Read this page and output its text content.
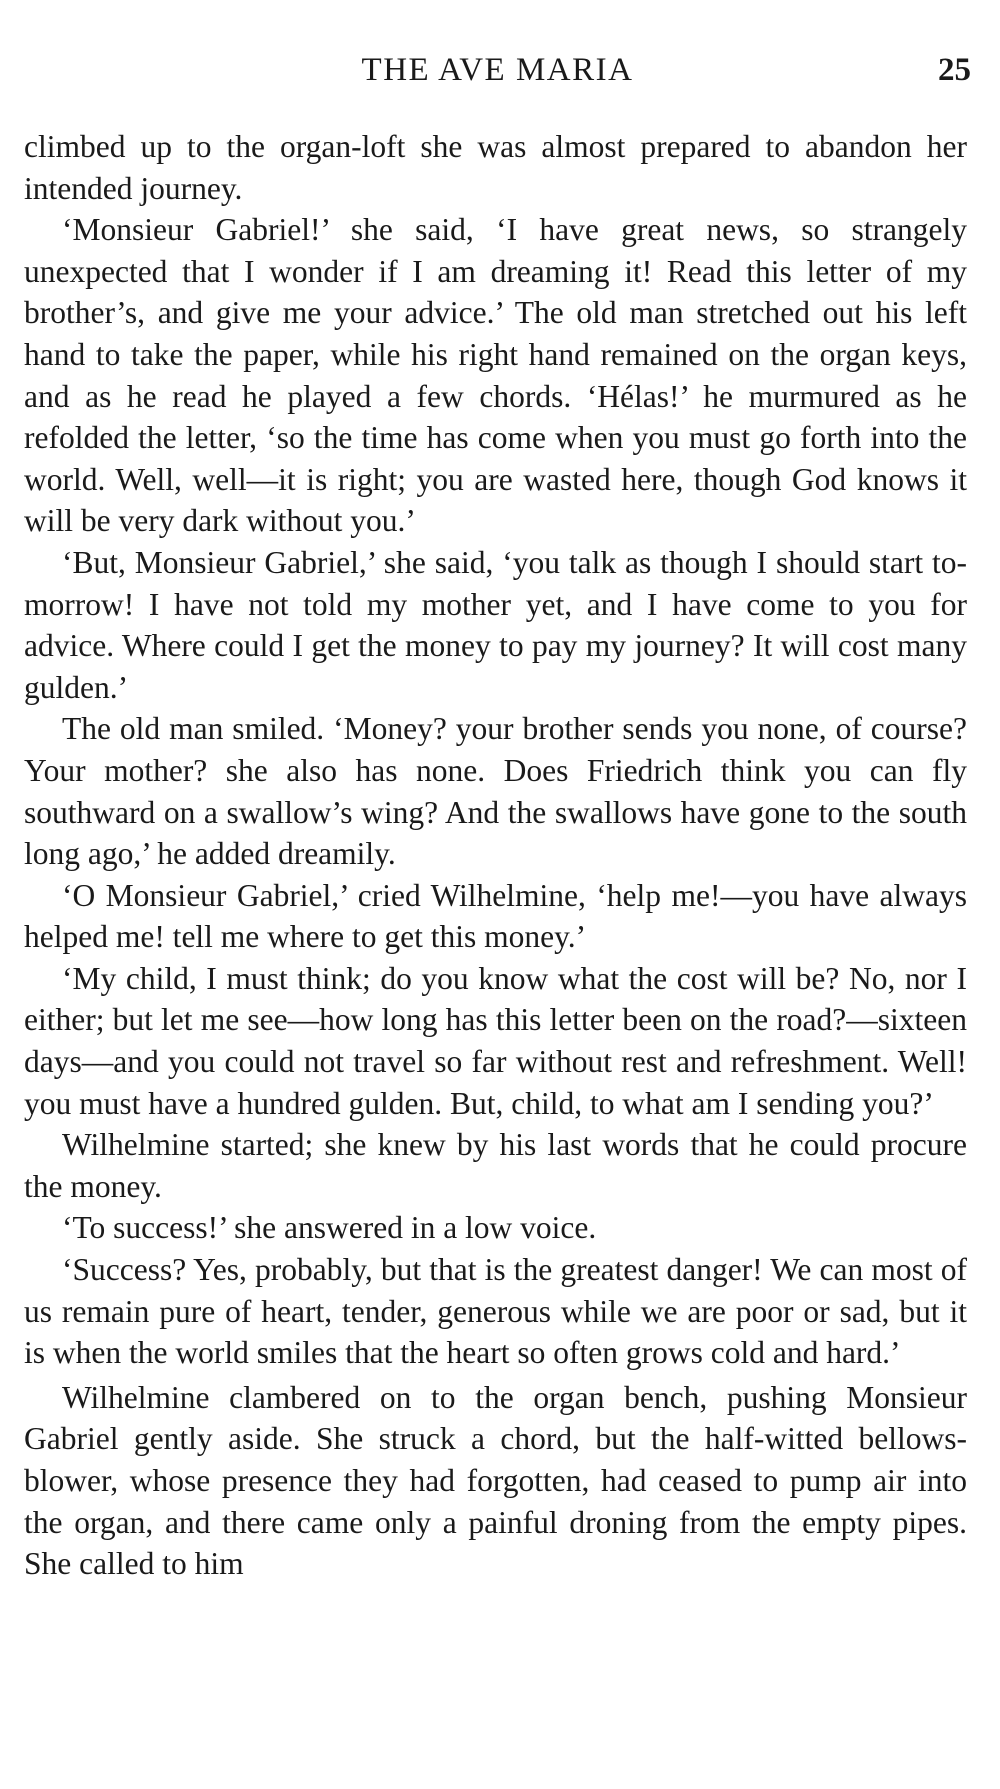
THE AVE MARIA	25

climbed up to the organ-loft she was almost prepared to abandon her intended journey.

‘Monsieur Gabriel!’ she said, ‘I have great news, so strangely unexpected that I wonder if I am dreaming it! Read this letter of my brother’s, and give me your advice.’ The old man stretched out his left hand to take the paper, while his right hand remained on the organ keys, and as he read he played a few chords. ‘Hélas!’ he murmured as he refolded the letter, ‘so the time has come when you must go forth into the world. Well, well—it is right; you are wasted here, though God knows it will be very dark without you.’

‘But, Monsieur Gabriel,’ she said, ‘you talk as though I should start to-morrow! I have not told my mother yet, and I have come to you for advice. Where could I get the money to pay my journey? It will cost many gulden.’

The old man smiled. ‘Money? your brother sends you none, of course? Your mother? she also has none. Does Friedrich think you can fly southward on a swallow’s wing? And the swallows have gone to the south long ago,’ he added dreamily.

‘O Monsieur Gabriel,’ cried Wilhelmine, ‘help me!—you have always helped me! tell me where to get this money.’

‘My child, I must think; do you know what the cost will be? No, nor I either; but let me see—how long has this letter been on the road?—sixteen days—and you could not travel so far without rest and refreshment. Well! you must have a hundred gulden. But, child, to what am I sending you?’

Wilhelmine started; she knew by his last words that he could procure the money.

‘To success!’ she answered in a low voice.

‘Success? Yes, probably, but that is the greatest danger! We can most of us remain pure of heart, tender, generous while we are poor or sad, but it is when the world smiles that the heart so often grows cold and hard.’

Wilhelmine clambered on to the organ bench, pushing Monsieur Gabriel gently aside. She struck a chord, but the half-witted bellows-blower, whose presence they had forgotten, had ceased to pump air into the organ, and there came only a painful droning from the empty pipes. She called to him
